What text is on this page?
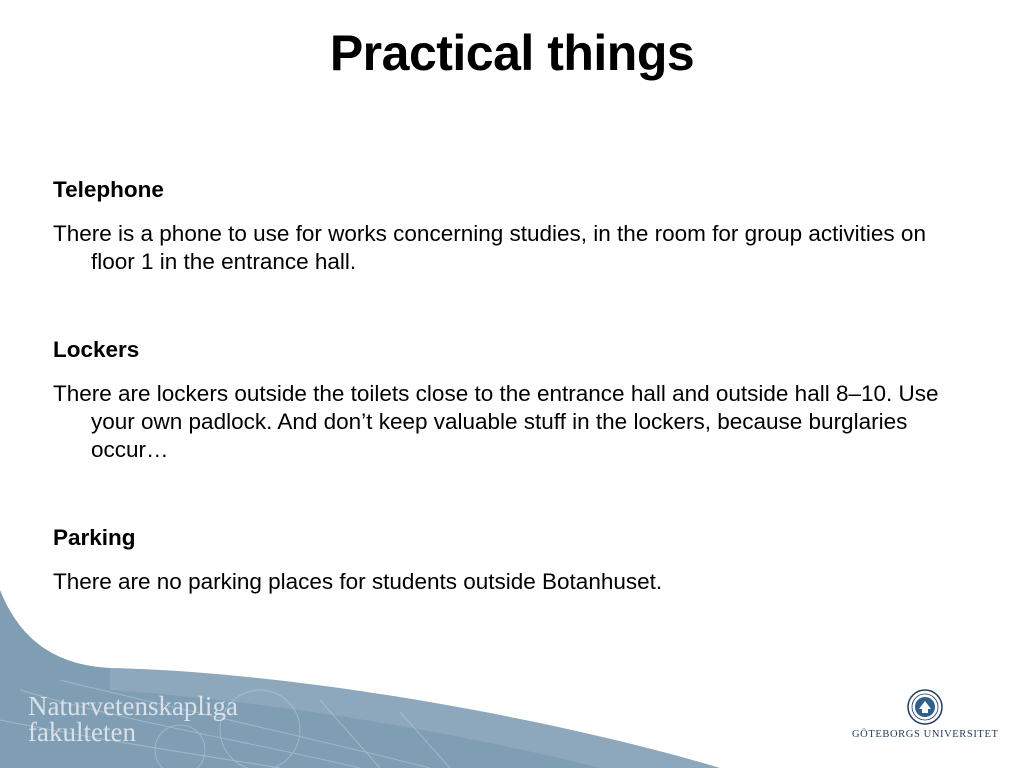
Practical things
Telephone
There is a phone to use for works concerning studies, in the room for group activities on floor 1 in the entrance hall.
Lockers
There are lockers outside the toilets close to the entrance hall and outside hall 8–10. Use your own padlock. And don’t keep valuable stuff in the lockers, because burglaries occur…
Parking
There are no parking places for students outside Botanhuset.
Naturvetenskapliga
fakulteten	GÖTEBORGS UNIVERSITET
